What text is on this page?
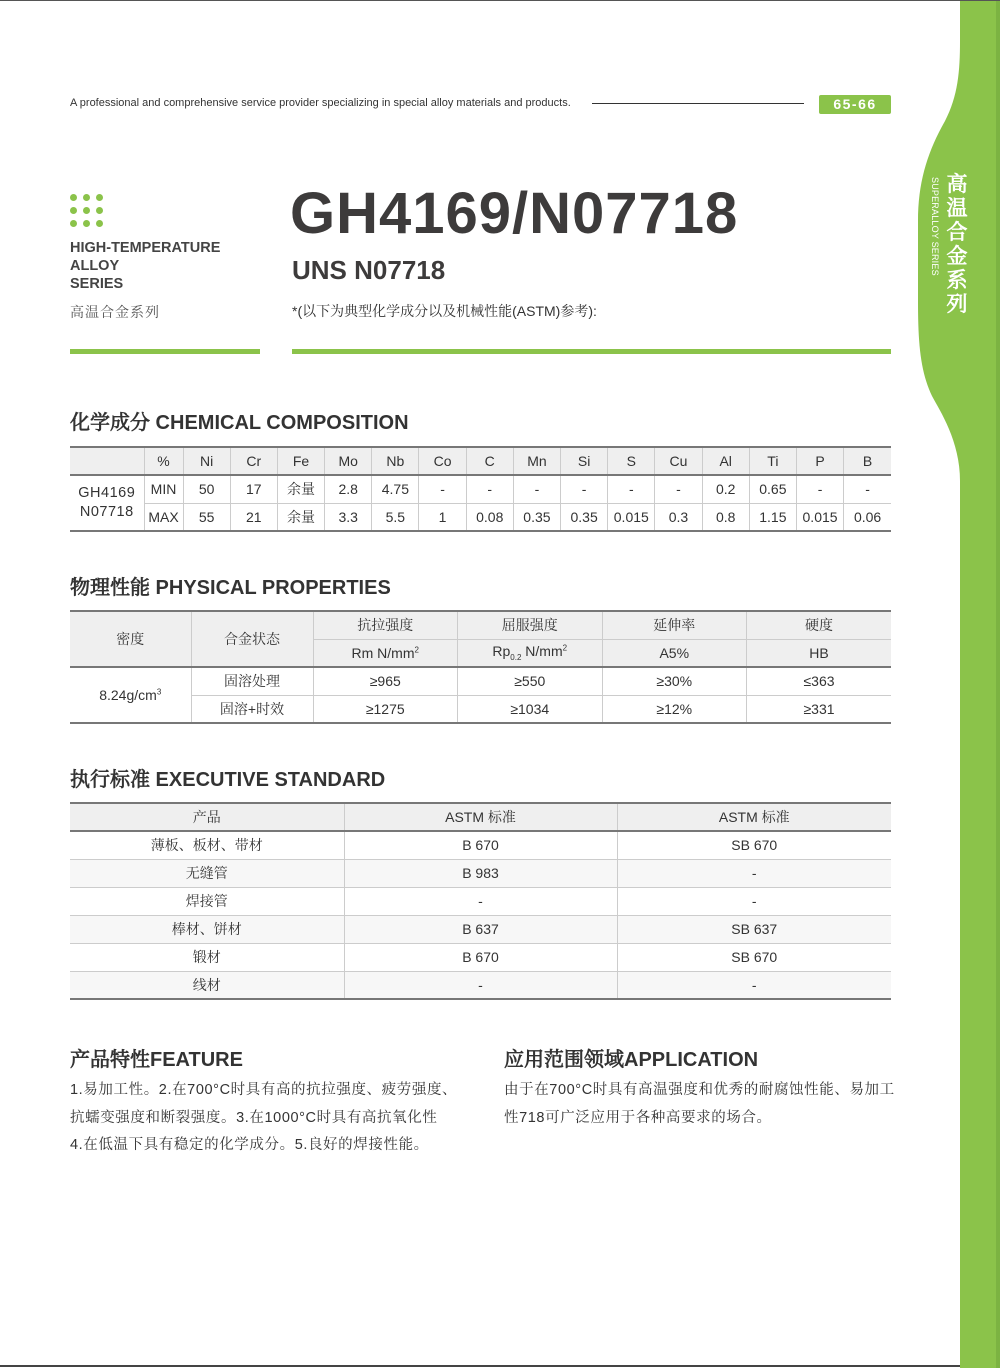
高温合金系列
SUPERALLOY SERIES
A professional and comprehensive service provider specializing in special alloy materials and products.	65-66
HIGH-TEMPERATURE
ALLOY
SERIES
高温合金系列
GH4169/N07718
UNS N07718
*(以下为典型化学成分以及机械性能(ASTM)参考):
化学成分 CHEMICAL COMPOSITION
	%	Ni	Cr	Fe	Mo	Nb	Co	C	Mn	Si	S	Cu	Al	Ti	P	B

GH4169
N07718	MIN	50	17	余量	2.8	4.75	-	-	-	-	-	-	0.2	0.65	-	-
	MAX	55	21	余量	3.3	5.5	1	0.08	0.35	0.35	0.015	0.3	0.8	1.15	0.015	0.06
物理性能 PHYSICAL PROPERTIES
密度	合金状态	抗拉强度	屈服强度	延伸率	硬度
		Rm $N/mm^2$	$Rp_{0.2}$ $N/mm^2$	A5%	HB
$8.24g/cm^3$	固溶处理	≥965	≥550	≥30%	≤363
	固溶+时效	≥1275	≥1034	≥12%	≥331
执行标准 EXECUTIVE STANDARD
产品	ASTM 标准	ASTM 标准
薄板、板材、带材	B 670	SB 670
无缝管	B 983	-
焊接管	-	-
棒材、饼材	B 637	SB 637
锻材	B 670	SB 670
线材	-	-
产品特性FEATURE
1.易加工性。2.在700°C时具有高的抗拉强度、疲劳强度、
抗蠕变强度和断裂强度。3.在1000°C时具有高抗氧化性
4.在低温下具有稳定的化学成分。5.良好的焊接性能。
应用范围领域APPLICATION
由于在700°C时具有高温强度和优秀的耐腐蚀性能、易加工
性718可广泛应用于各种高要求的场合。
